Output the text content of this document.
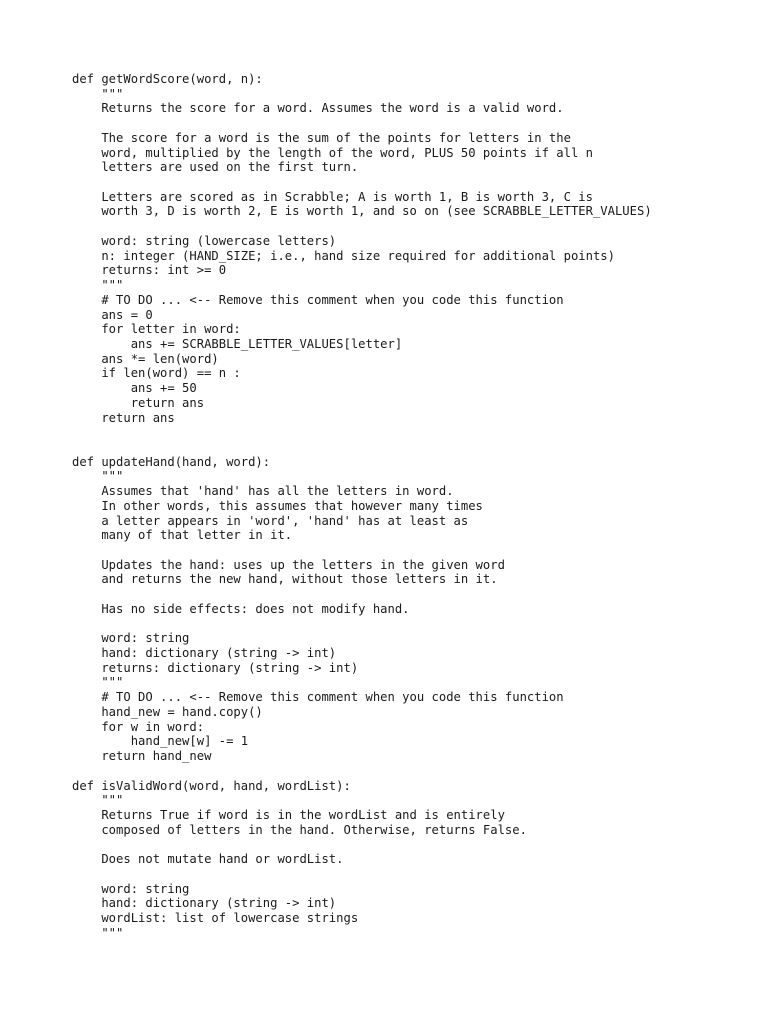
def getWordScore(word, n):
"""
Returns the score for a word. Assumes the word is a valid word.
The score for a word is the sum of the points for letters in the
word, multiplied by the length of the word, PLUS 50 points if all n
letters are used on the first turn.
Letters are scored as in Scrabble; A is worth 1, B is worth 3, C is
worth 3, D is worth 2, E is worth 1, and so on (see SCRABBLE_LETTER_VALUES)
word: string (lowercase letters)
n: integer (HAND_SIZE; i.e., hand size required for additional points)
returns: int >= 0
"""
# TO DO ... <-- Remove this comment when you code this function
ans = 0
for letter in word:
ans += SCRABBLE_LETTER_VALUES[letter]
ans *= len(word)
if len(word) == n :
ans += 50
return ans
return ans
def updateHand(hand, word):
"""
Assumes that 'hand' has all the letters in word.
In other words, this assumes that however many times
a letter appears in 'word', 'hand' has at least as
many of that letter in it.
Updates the hand: uses up the letters in the given word
and returns the new hand, without those letters in it.
Has no side effects: does not modify hand.
word: string
hand: dictionary (string -> int)
returns: dictionary (string -> int)
"""
# TO DO ... <-- Remove this comment when you code this function
hand_new = hand.copy()
for w in word:
hand_new[w] -= 1
return hand_new
def isValidWord(word, hand, wordList):
"""
Returns True if word is in the wordList and is entirely
composed of letters in the hand. Otherwise, returns False.
Does not mutate hand or wordList.
word: string
hand: dictionary (string -> int)
wordList: list of lowercase strings
"""
